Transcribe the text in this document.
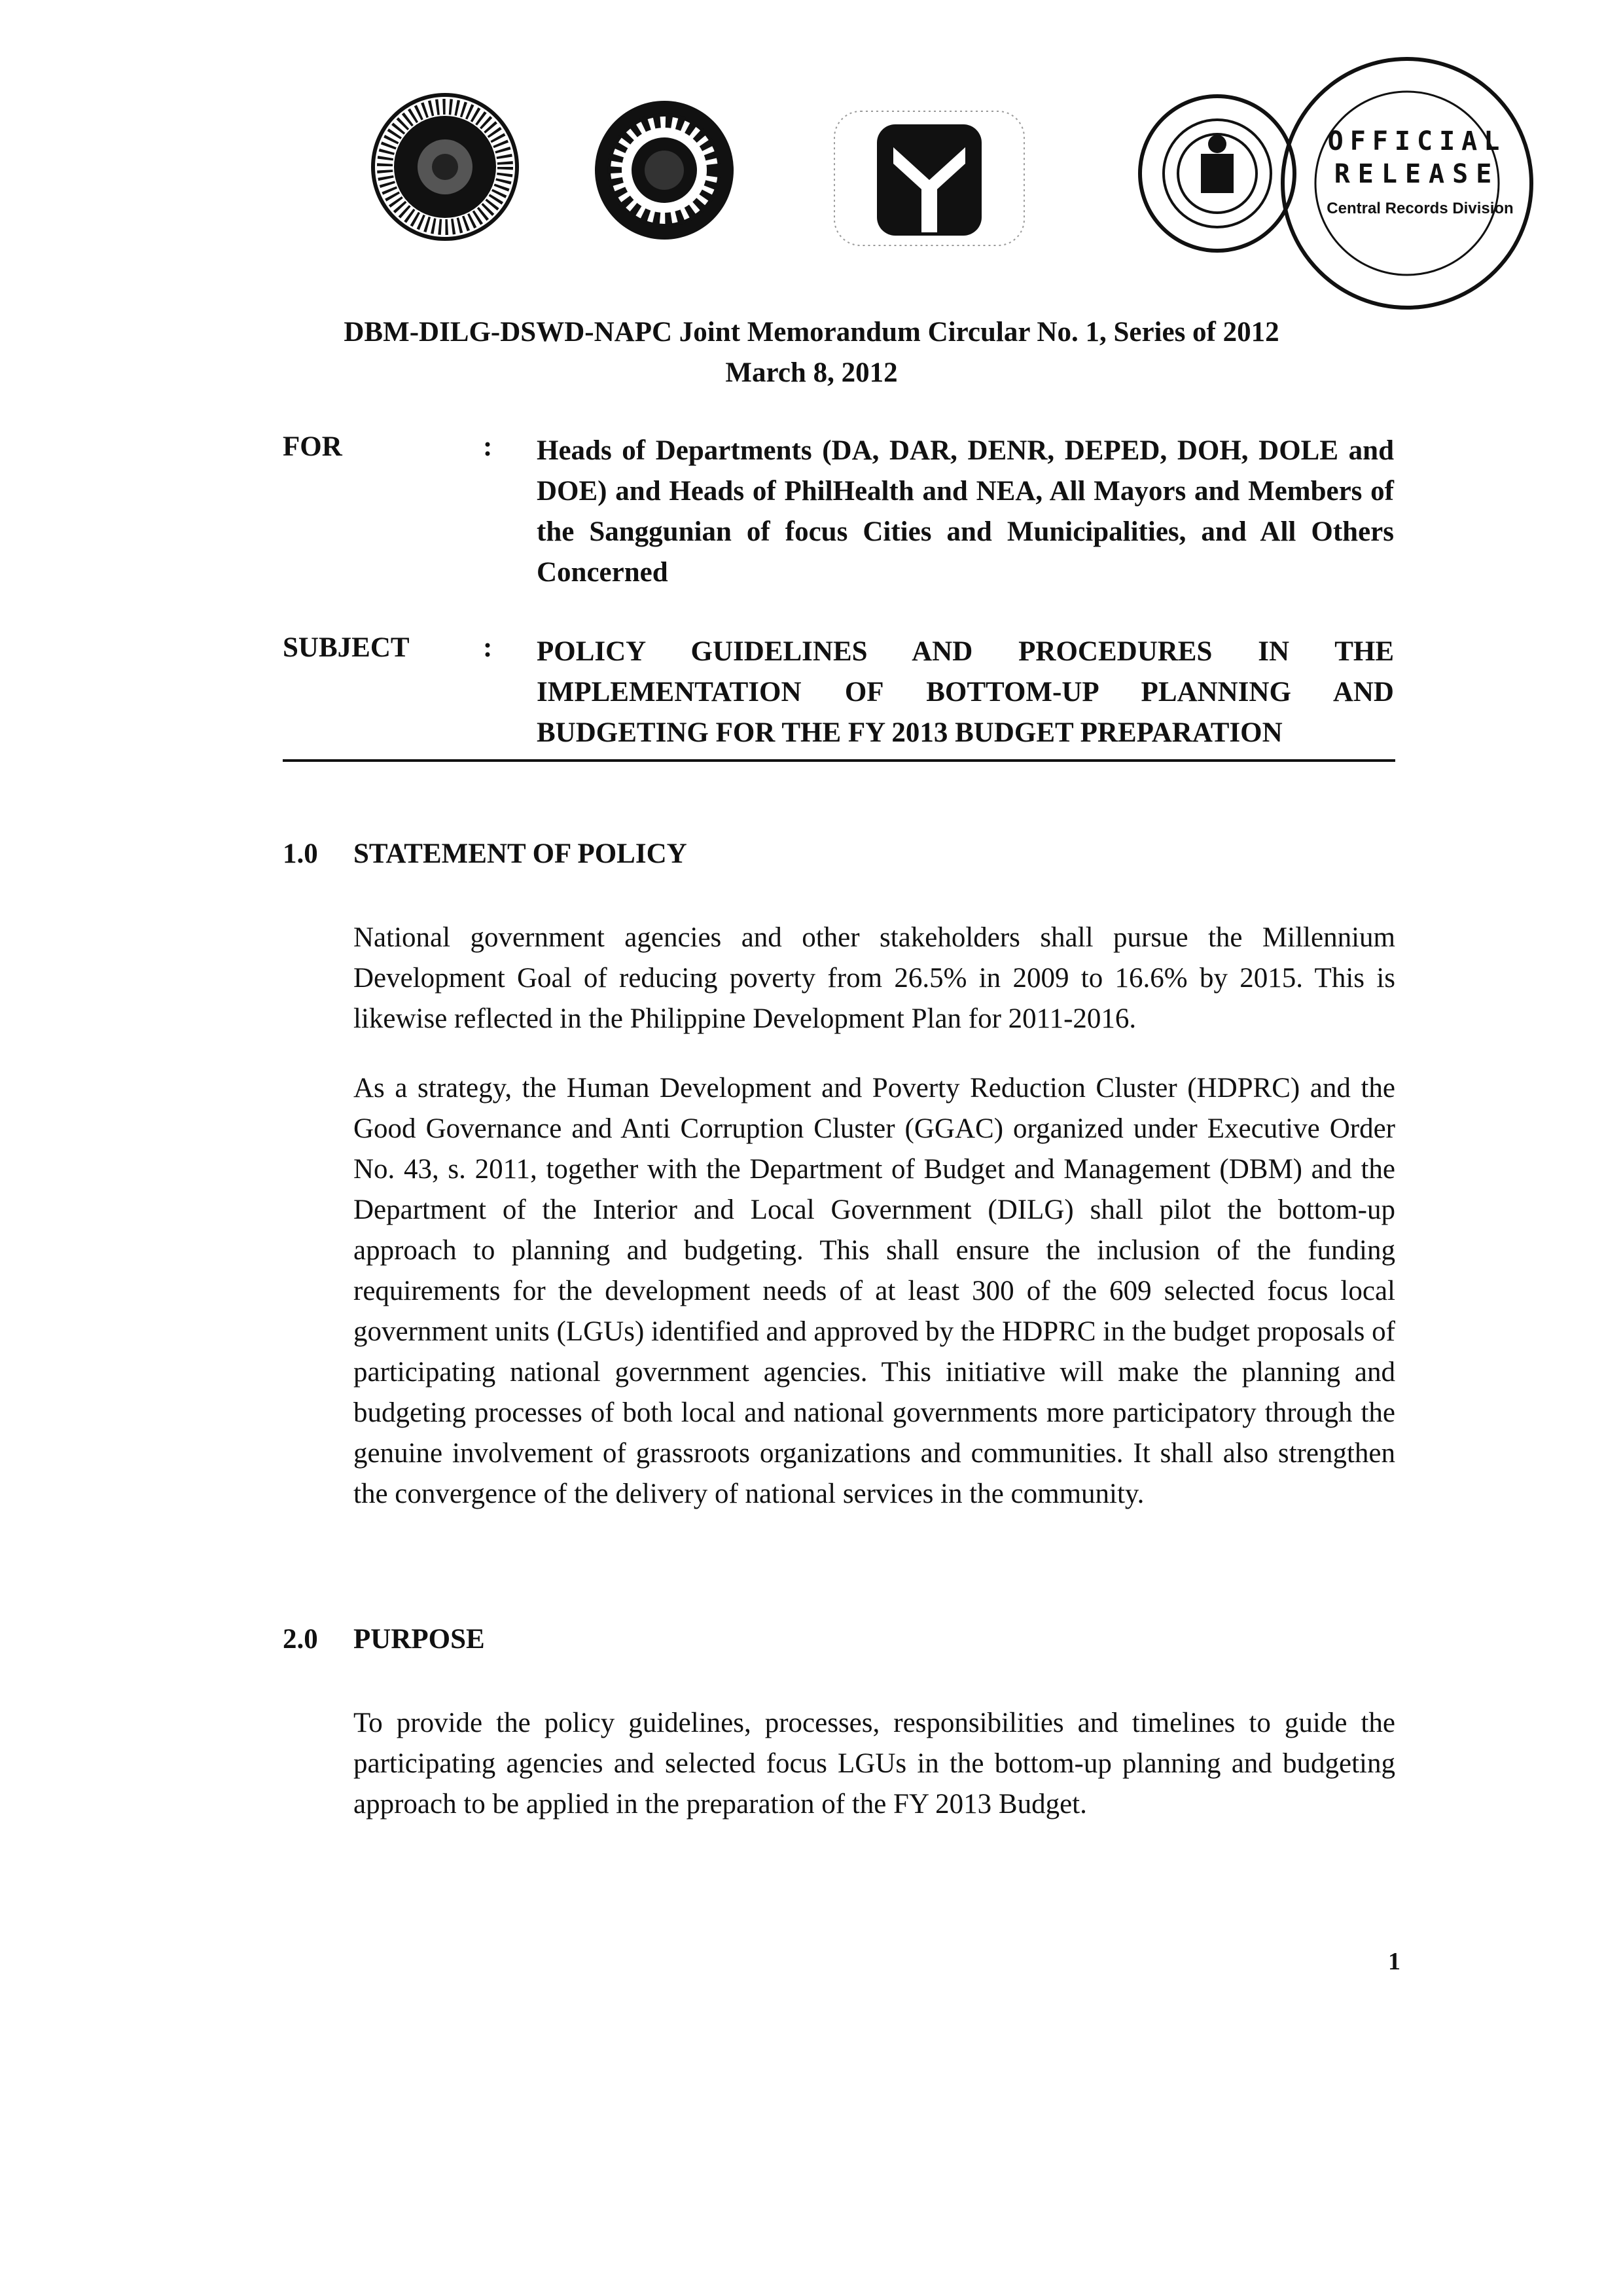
OFFICIAL
RELEASE
Central Records Division
DBM-DILG-DSWD-NAPC Joint Memorandum Circular No. 1, Series of 2012
March 8, 2012
FOR	: Heads of Departments (DA, DAR, DENR, DEPED, DOH, DOLE and DOE) and Heads of PhilHealth and NEA, All Mayors and Members of the Sanggunian of focus Cities and Municipalities, and All Others Concerned
SUBJECT	: POLICY GUIDELINES AND PROCEDURES IN THE IMPLEMENTATION OF BOTTOM-UP PLANNING AND BUDGETING FOR THE FY 2013 BUDGET PREPARATION
1.0 STATEMENT OF POLICY
National government agencies and other stakeholders shall pursue the Millennium Development Goal of reducing poverty from 26.5% in 2009 to 16.6% by 2015. This is likewise reflected in the Philippine Development Plan for 2011-2016.
As a strategy, the Human Development and Poverty Reduction Cluster (HDPRC) and the Good Governance and Anti Corruption Cluster (GGAC) organized under Executive Order No. 43, s. 2011, together with the Department of Budget and Management (DBM) and the Department of the Interior and Local Government (DILG) shall pilot the bottom-up approach to planning and budgeting. This shall ensure the inclusion of the funding requirements for the development needs of at least 300 of the 609 selected focus local government units (LGUs) identified and approved by the HDPRC in the budget proposals of participating national government agencies. This initiative will make the planning and budgeting processes of both local and national governments more participatory through the genuine involvement of grassroots organizations and communities. It shall also strengthen the convergence of the delivery of national services in the community.
2.0 PURPOSE
To provide the policy guidelines, processes, responsibilities and timelines to guide the participating agencies and selected focus LGUs in the bottom-up planning and budgeting approach to be applied in the preparation of the FY 2013 Budget.
1
